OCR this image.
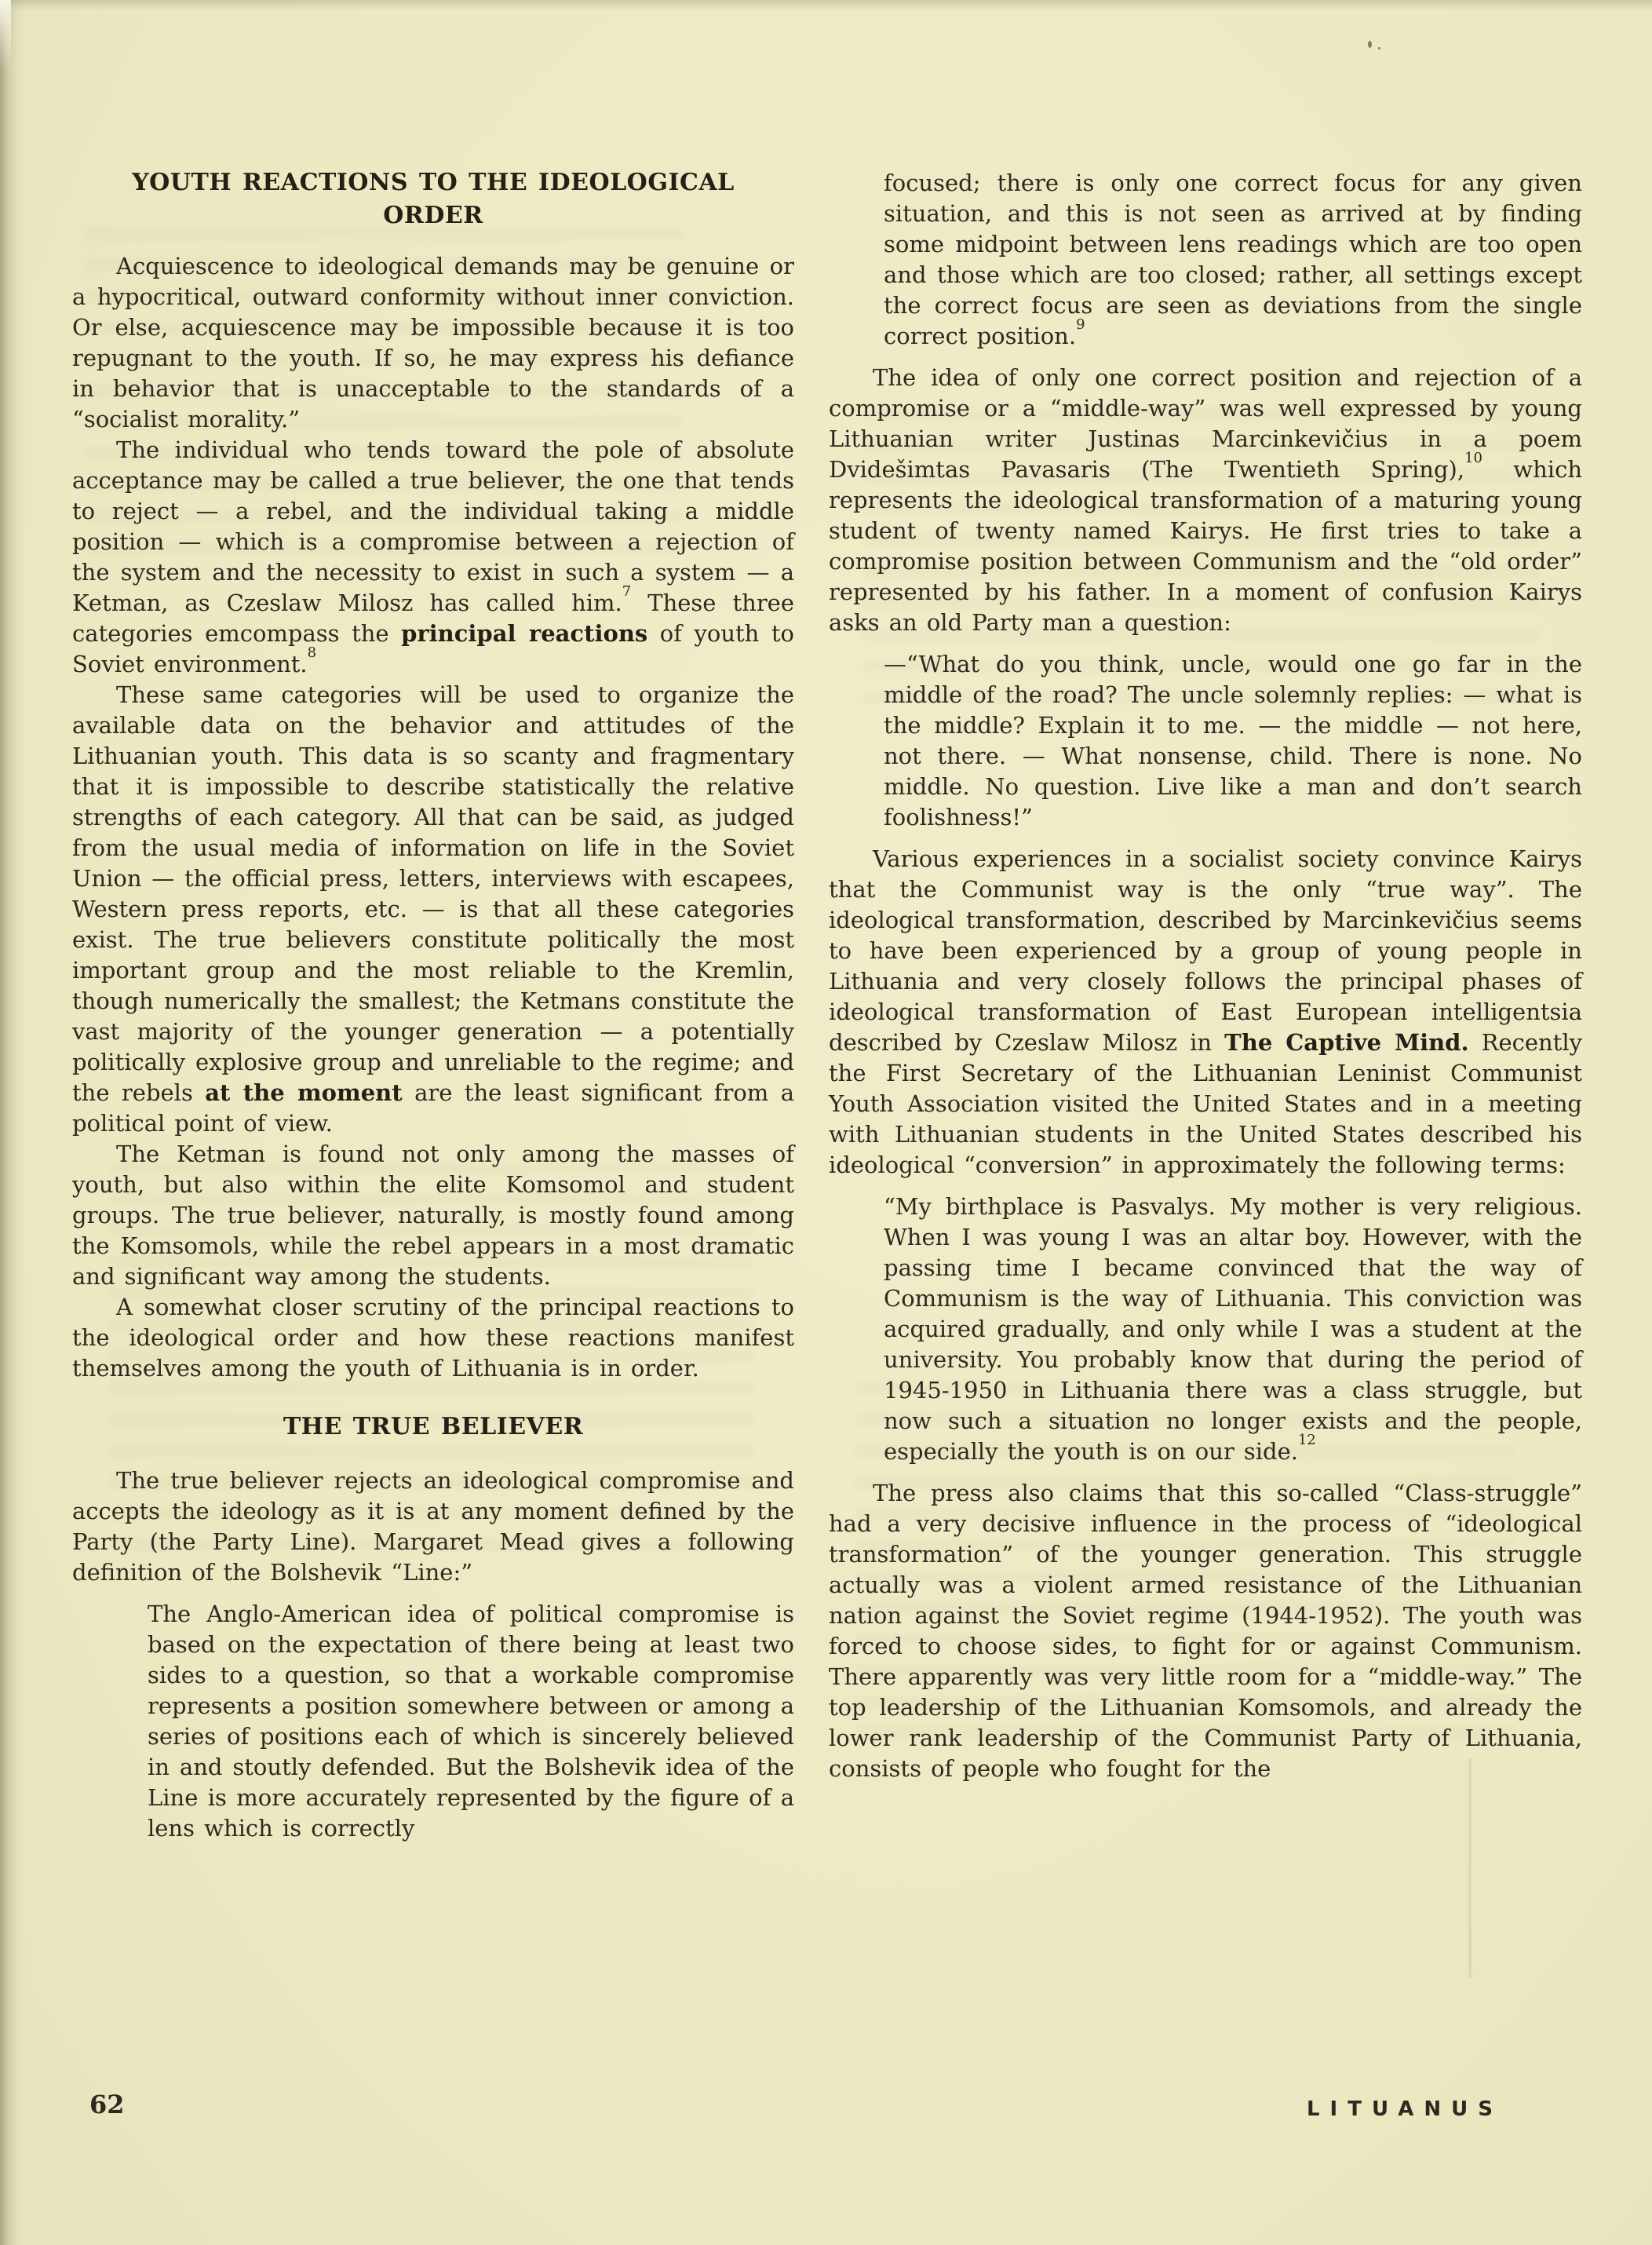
YOUTH REACTIONS TO THE IDEOLOGICAL
ORDER

Acquiescence to ideological demands may be genuine or a hypocritical, outward conformity without inner conviction. Or else, acquiescence may be impossible because it is too repugnant to the youth. If so, he may express his defiance in behavior that is unacceptable to the standards of a “socialist morality.”

The individual who tends toward the pole of absolute acceptance may be called a true believer, the one that tends to reject — a rebel, and the individual taking a middle position — which is a compromise between a rejection of the system and the necessity to exist in such a system — a Ketman, as Czeslaw Milosz has called him.$^7$ These three categories emcompass the principal reactions of youth to Soviet environment.$^8$

These same categories will be used to organize the available data on the behavior and attitudes of the Lithuanian youth. This data is so scanty and fragmentary that it is impossible to describe statistically the relative strengths of each category. All that can be said, as judged from the usual media of information on life in the Soviet Union — the official press, letters, interviews with escapees, Western press reports, etc. — is that all these categories exist. The true believers constitute politically the most important group and the most reliable to the Kremlin, though numerically the smallest; the Ketmans constitute the vast majority of the younger generation — a potentially politically explosive group and unreliable to the regime; and the rebels at the moment are the least significant from a political point of view.

The Ketman is found not only among the masses of youth, but also within the elite Komsomol and student groups. The true believer, naturally, is mostly found among the Komsomols, while the rebel appears in a most dramatic and significant way among the students.

A somewhat closer scrutiny of the principal reactions to the ideological order and how these reactions manifest themselves among the youth of Lithuania is in order.

THE TRUE BELIEVER

The true believer rejects an ideological compromise and accepts the ideology as it is at any moment defined by the Party (the Party Line). Margaret Mead gives a following definition of the Bolshevik “Line:”

The Anglo-American idea of political compromise is based on the expectation of there being at least two sides to a question, so that a workable compromise represents a position somewhere between or among a series of positions each of which is sincerely believed in and stoutly defended. But the Bolshevik idea of the Line is more accurately represented by the figure of a lens which is correctly
focused; there is only one correct focus for any given situation, and this is not seen as arrived at by finding some midpoint between lens readings which are too open and those which are too closed; rather, all settings except the correct focus are seen as deviations from the single correct position.$^9$

The idea of only one correct position and rejection of a compromise or a “middle-way” was well expressed by young Lithuanian writer Justinas Marcinkevičius in a poem Dvidešimtas Pavasaris (The Twentieth Spring),$^{10}$ which represents the ideological transformation of a maturing young student of twenty named Kairys. He first tries to take a compromise position between Communism and the “old order” represented by his father. In a moment of confusion Kairys asks an old Party man a question:

—“What do you think, uncle, would one go far in the middle of the road? The uncle solemnly replies: — what is the middle? Explain it to me. — the middle — not here, not there. — What nonsense, child. There is none. No middle. No question. Live like a man and don’t search foolishness!”

Various experiences in a socialist society convince Kairys that the Communist way is the only “true way”. The ideological transformation, described by Marcinkevičius seems to have been experienced by a group of young people in Lithuania and very closely follows the principal phases of ideological transformation of East European intelligentsia described by Czeslaw Milosz in The Captive Mind. Recently the First Secretary of the Lithuanian Leninist Communist Youth Association visited the United States and in a meeting with Lithuanian students in the United States described his ideological “conversion” in approximately the following terms:

“My birthplace is Pasvalys. My mother is very religious. When I was young I was an altar boy. However, with the passing time I became convinced that the way of Communism is the way of Lithuania. This conviction was acquired gradually, and only while I was a student at the university. You probably know that during the period of 1945-1950 in Lithuania there was a class struggle, but now such a situation no longer exists and the people, especially the youth is on our side.$^{12}$

The press also claims that this so-called “Class-struggle” had a very decisive influence in the process of “ideological transformation” of the younger generation. This struggle actually was a violent armed resistance of the Lithuanian nation against the Soviet regime (1944-1952). The youth was forced to choose sides, to fight for or against Communism. There apparently was very little room for a “middle-way.” The top leadership of the Lithuanian Komsomols, and already the lower rank leadership of the Communist Party of Lithuania, consists of people who fought for the

62	LITUANUS
